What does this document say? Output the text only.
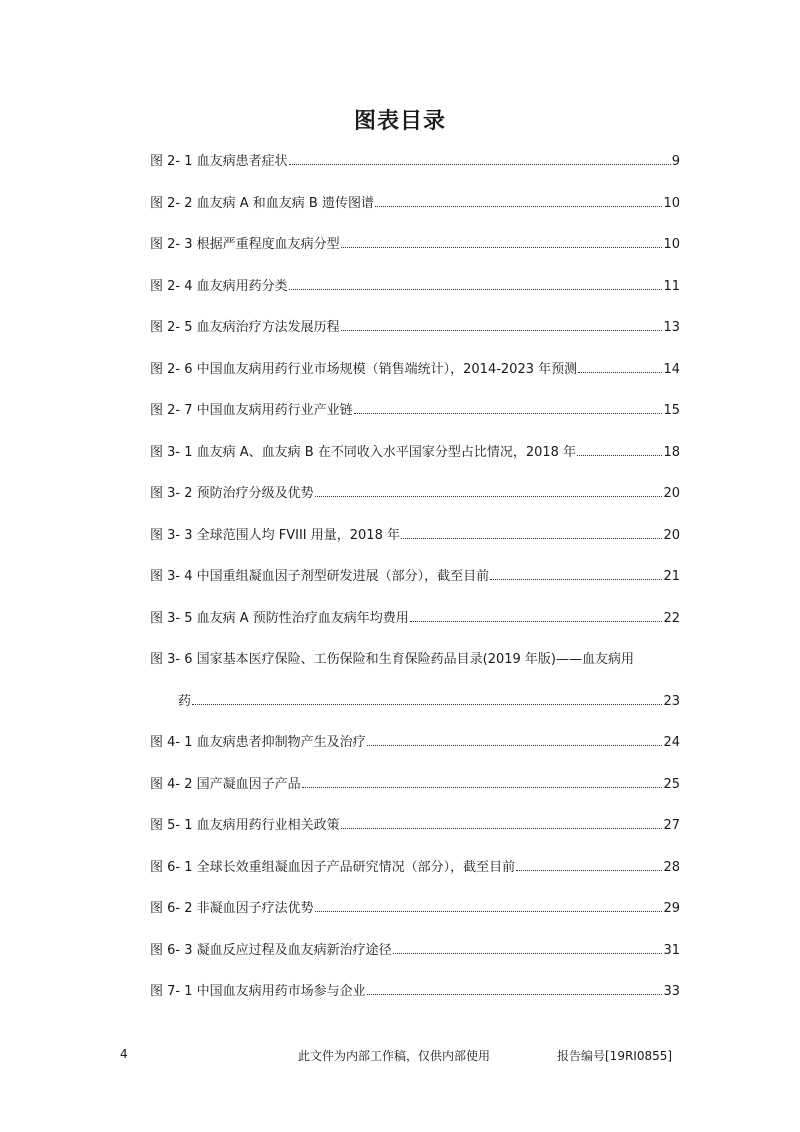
图表目录
图 2- 1 血友病患者症状	9
图 2- 2 血友病 A 和血友病 B 遗传图谱	10
图 2- 3 根据严重程度血友病分型	10
图 2- 4 血友病用药分类	11
图 2- 5 血友病治疗方法发展历程	13
图 2- 6 中国血友病用药行业市场规模（销售端统计），2014-2023 年预测	14
图 2- 7 中国血友病用药行业产业链	15
图 3- 1 血友病 A、血友病 B 在不同收入水平国家分型占比情况，2018 年	18
图 3- 2 预防治疗分级及优势	20
图 3- 3 全球范围人均 FVIII 用量，2018 年	20
图 3- 4 中国重组凝血因子剂型研发进展（部分），截至目前	21
图 3- 5 血友病 A 预防性治疗血友病年均费用	22
图 3- 6 国家基本医疗保险、工伤保险和生育保险药品目录(2019 年版)——血友病用
药	23
图 4- 1 血友病患者抑制物产生及治疗	24
图 4- 2 国产凝血因子产品	25
图 5- 1 血友病用药行业相关政策	27
图 6- 1 全球长效重组凝血因子产品研究情况（部分），截至目前	28
图 6- 2 非凝血因子疗法优势	29
图 6- 3 凝血反应过程及血友病新治疗途径	31
图 7- 1 中国血友病用药市场参与企业	33
4	此文件为内部工作稿，仅供内部使用	报告编号[19RI0855]
